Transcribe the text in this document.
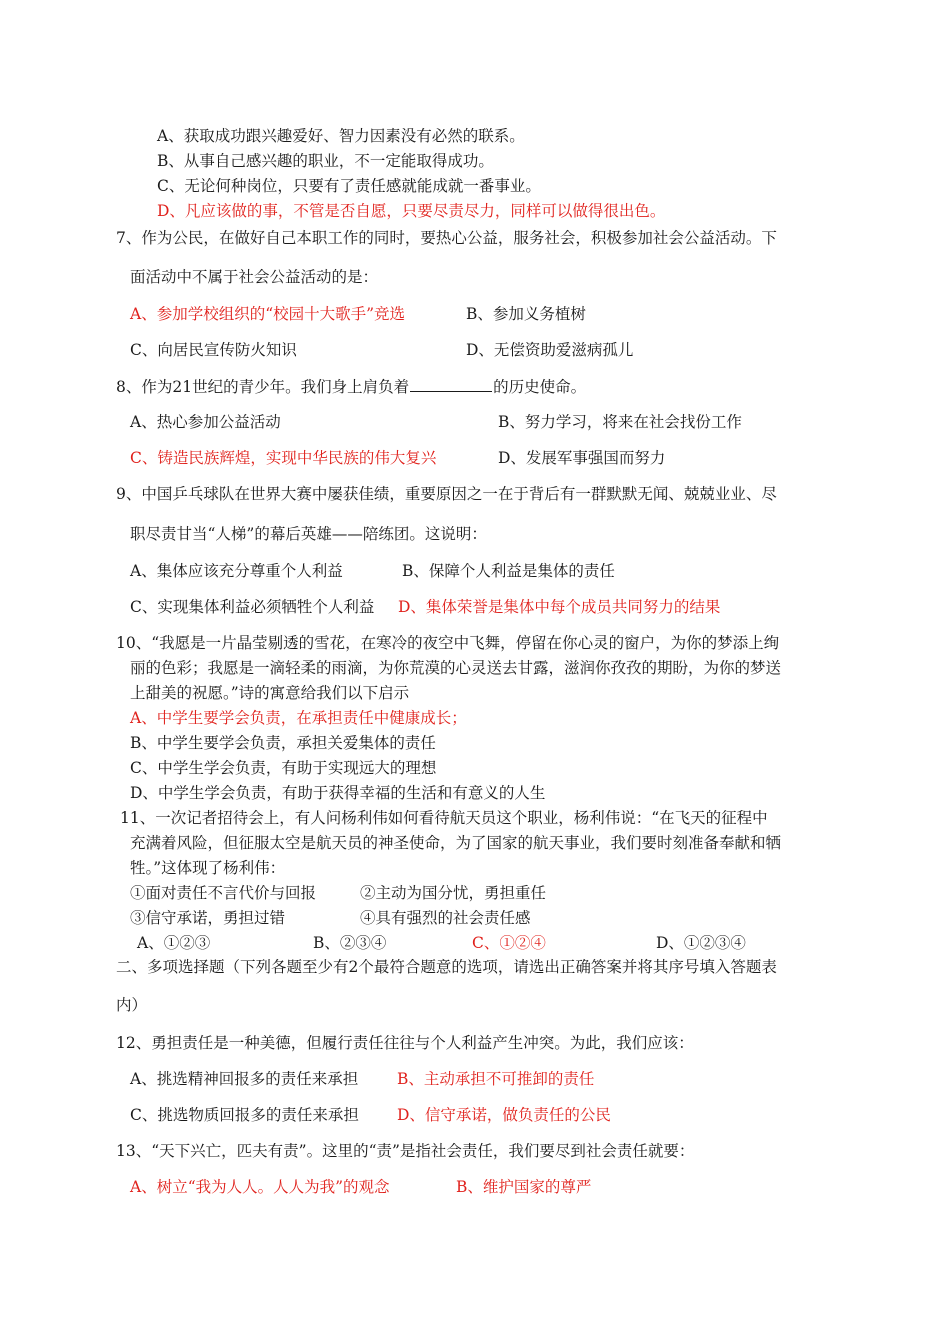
A、获取成功跟兴趣爱好、智力因素没有必然的联系。
B、从事自己感兴趣的职业，不一定能取得成功。
C、无论何种岗位，只要有了责任感就能成就一番事业。
D、凡应该做的事，不管是否自愿，只要尽责尽力，同样可以做得很出色。
7、作为公民，在做好自己本职工作的同时，要热心公益，服务社会，积极参加社会公益活动。下
面活动中不属于社会公益活动的是：
A、参加学校组织的“校园十大歌手”竞选	B、参加义务植树
C、向居民宣传防火知识	D、无偿资助爱滋病孤儿
8、作为21世纪的青少年。我们身上肩负着	的历史使命。
A、热心参加公益活动	B、努力学习，将来在社会找份工作
C、铸造民族辉煌，实现中华民族的伟大复兴	D、发展军事强国而努力
9、中国乒乓球队在世界大赛中屡获佳绩，重要原因之一在于背后有一群默默无闻、兢兢业业、尽
职尽责甘当“人梯”的幕后英雄——陪练团。这说明：
A、集体应该充分尊重个人利益	B、保障个人利益是集体的责任
C、实现集体利益必须牺牲个人利益 D、集体荣誉是集体中每个成员共同努力的结果
10、“我愿是一片晶莹剔透的雪花，在寒冷的夜空中飞舞，停留在你心灵的窗户，为你的梦添上绚
丽的色彩；我愿是一滴轻柔的雨滴，为你荒漠的心灵送去甘露，滋润你孜孜的期盼，为你的梦送
上甜美的祝愿。”诗的寓意给我们以下启示
A、中学生要学会负责，在承担责任中健康成长；
B、中学生要学会负责，承担关爱集体的责任
C、中学生学会负责，有助于实现远大的理想
D、中学生学会负责，有助于获得幸福的生活和有意义的人生
11、一次记者招待会上，有人问杨利伟如何看待航天员这个职业，杨利伟说：“在飞天的征程中
充满着风险，但征服太空是航天员的神圣使命，为了国家的航天事业，我们要时刻准备奉献和牺
牲。”这体现了杨利伟：
①面对责任不言代价与回报	②主动为国分忧，勇担重任
③信守承诺，勇担过错	④具有强烈的社会责任感
A、①②③	B、②③④	C、①②④	D、①②③④
二、多项选择题（下列各题至少有2个最符合题意的选项，请选出正确答案并将其序号填入答题表
内）
12、勇担责任是一种美德，但履行责任往往与个人利益产生冲突。为此，我们应该：
A、挑选精神回报多的责任来承担	B、主动承担不可推卸的责任
C、挑选物质回报多的责任来承担 D、信守承诺，做负责任的公民
13、“天下兴亡，匹夫有责”。这里的“责”是指社会责任，我们要尽到社会责任就要：
A、树立“我为人人。人人为我”的观念	B、维护国家的尊严
